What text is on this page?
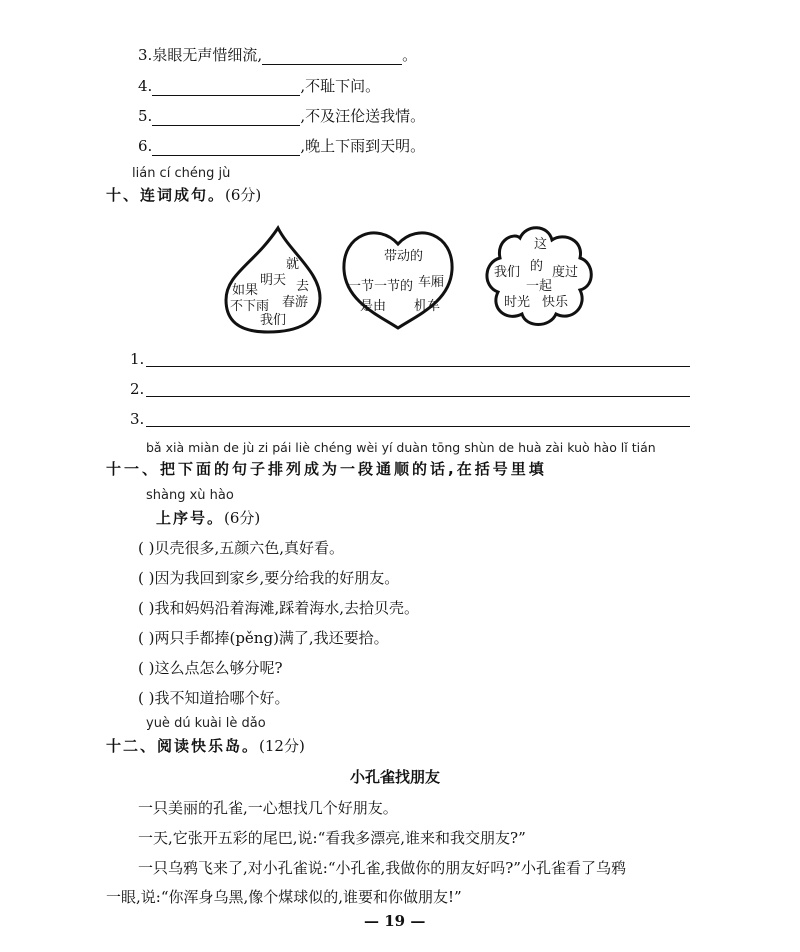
3.泉眼无声惜细流,	。
4.	,不耻下问。
5.	,不及汪伦送我情。
6.	,晚上下雨到天明。
lián cí chéng jù
十、连词成句。(6分)
就
明天 去
如果
春游
不下雨
我们
带动的
一节一节的 车厢
是由 机车
这
我们 的 度过
一起
时光 快乐
1.
2.
3.
bǎ xià miàn de jù zi pái liè chéng wèi yí duàn tōng shùn de huà zài kuò hào lǐ tián
十一、把下面的句子排列成为一段通顺的话,在括号里填
shàng xù hào
上序号。(6分)
( )贝壳很多,五颜六色,真好看。
( )因为我回到家乡,要分给我的好朋友。
( )我和妈妈沿着海滩,踩着海水,去拾贝壳。
( )两只手都捧(pěng)满了,我还要拾。
( )这么点怎么够分呢?
( )我不知道拾哪个好。
yuè dú kuài lè dǎo
十二、阅读快乐岛。(12分)
小孔雀找朋友
一只美丽的孔雀,一心想找几个好朋友。
一天,它张开五彩的尾巴,说:“看我多漂亮,谁来和我交朋友?”
一只乌鸦飞来了,对小孔雀说:“小孔雀,我做你的朋友好吗?”小孔雀看了乌鸦
一眼,说:“你浑身乌黑,像个煤球似的,谁要和你做朋友!”
— 19 —
